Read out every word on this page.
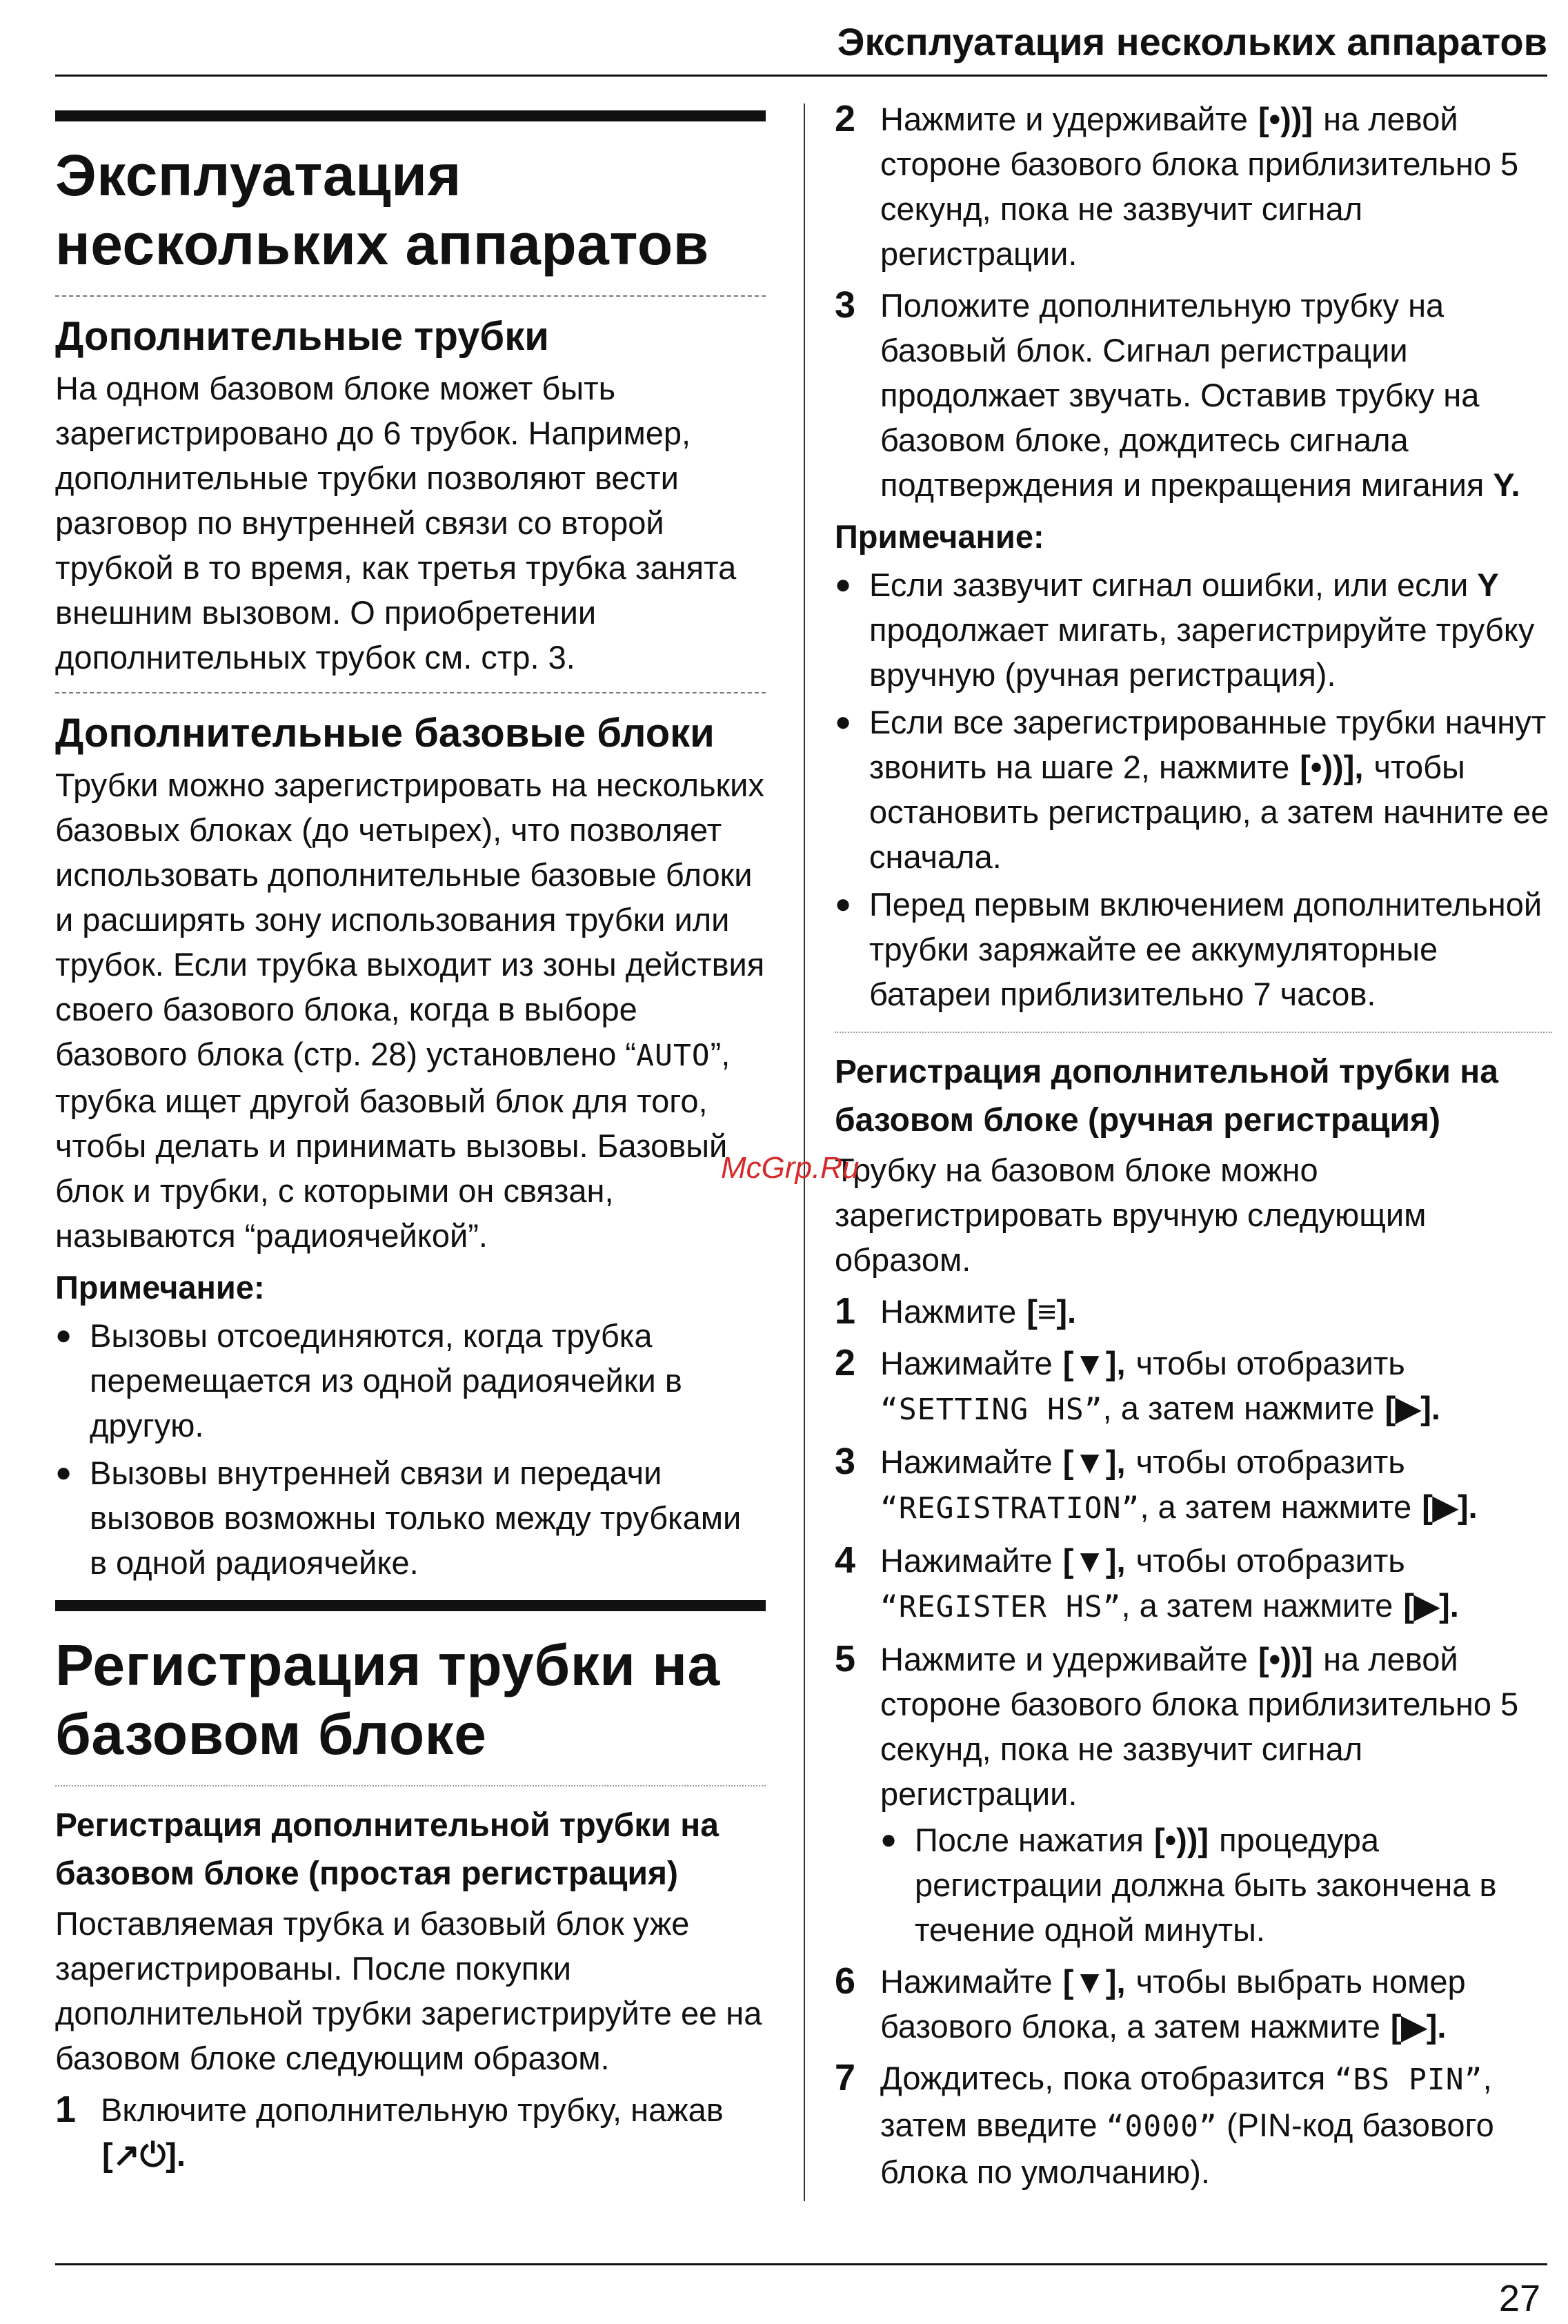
Эксплуатация нескольких аппаратов
Эксплуатация нескольких аппаратов
Дополнительные трубки

На одном базовом блоке может быть зарегистрировано до 6 трубок. Например, дополнительные трубки позволяют вести разговор по внутренней связи со второй трубкой в то время, как третья трубка занята внешним вызовом. О приобретении дополнительных трубок см. стр. 3.

Дополнительные базовые блоки

Трубки можно зарегистрировать на нескольких базовых блоках (до четырех), что позволяет использовать дополнительные базовые блоки и расширять зону использования трубки или трубок. Если трубка выходит из зоны действия своего базового блока, когда в выборе базового блока (стр. 28) установлено “AUTO”, трубка ищет другой базовый блок для того, чтобы делать и принимать вызовы. Базовый блок и трубки, с которыми он связан, называются “радиоячейкой”.

Примечание:
● Вызовы отсоединяются, когда трубка перемещается из одной радиоячейки в другую.
● Вызовы внутренней связи и передачи вызовов возможны только между трубками в одной радиоячейке.
Регистрация трубки на базовом блоке
Регистрация дополнительной трубки на базовом блоке (простая регистрация)

Поставляемая трубка и базовый блок уже зарегистрированы. После покупки дополнительной трубки зарегистрируйте ее на базовом блоке следующим образом.

1 Включите дополнительную трубку, нажав
[↗⏻].
2 Нажмите и удерживайте [•))] на левой стороне базового блока приблизительно 5 секунд, пока не зазвучит сигнал регистрации.
3 Положите дополнительную трубку на базовый блок. Сигнал регистрации продолжает звучать. Оставив трубку на базовом блоке, дождитесь сигнала подтверждения и прекращения мигания Y.
Примечание:
● Если зазвучит сигнал ошибки, или если Y продолжает мигать, зарегистрируйте трубку вручную (ручная регистрация).
● Если все зарегистрированные трубки начнут звонить на шаге 2, нажмите [•))], чтобы остановить регистрацию, а затем начните ее сначала.
● Перед первым включением дополнительной трубки заряжайте ее аккумуляторные батареи приблизительно 7 часов.
Регистрация дополнительной трубки на базовом блоке (ручная регистрация)

Трубку на базовом блоке можно зарегистрировать вручную следующим образом.

1 Нажмите [≡].
2 Нажимайте [▼], чтобы отобразить “SETTING HS”, а затем нажмите [▶].
3 Нажимайте [▼], чтобы отобразить “REGISTRATION”, а затем нажмите [▶].
4 Нажимайте [▼], чтобы отобразить “REGISTER HS”, а затем нажмите [▶].
5 Нажмите и удерживайте [•))] на левой стороне базового блока приблизительно 5 секунд, пока не зазвучит сигнал регистрации.
● После нажатия [•))] процедура регистрации должна быть закончена в течение одной минуты.
6 Нажимайте [▼], чтобы выбрать номер базового блока, а затем нажмите [▶].
7 Дождитесь, пока отобразится “BS PIN”, затем введите “0000” (PIN-код базового блока по умолчанию).
McGrp.Ru
27
